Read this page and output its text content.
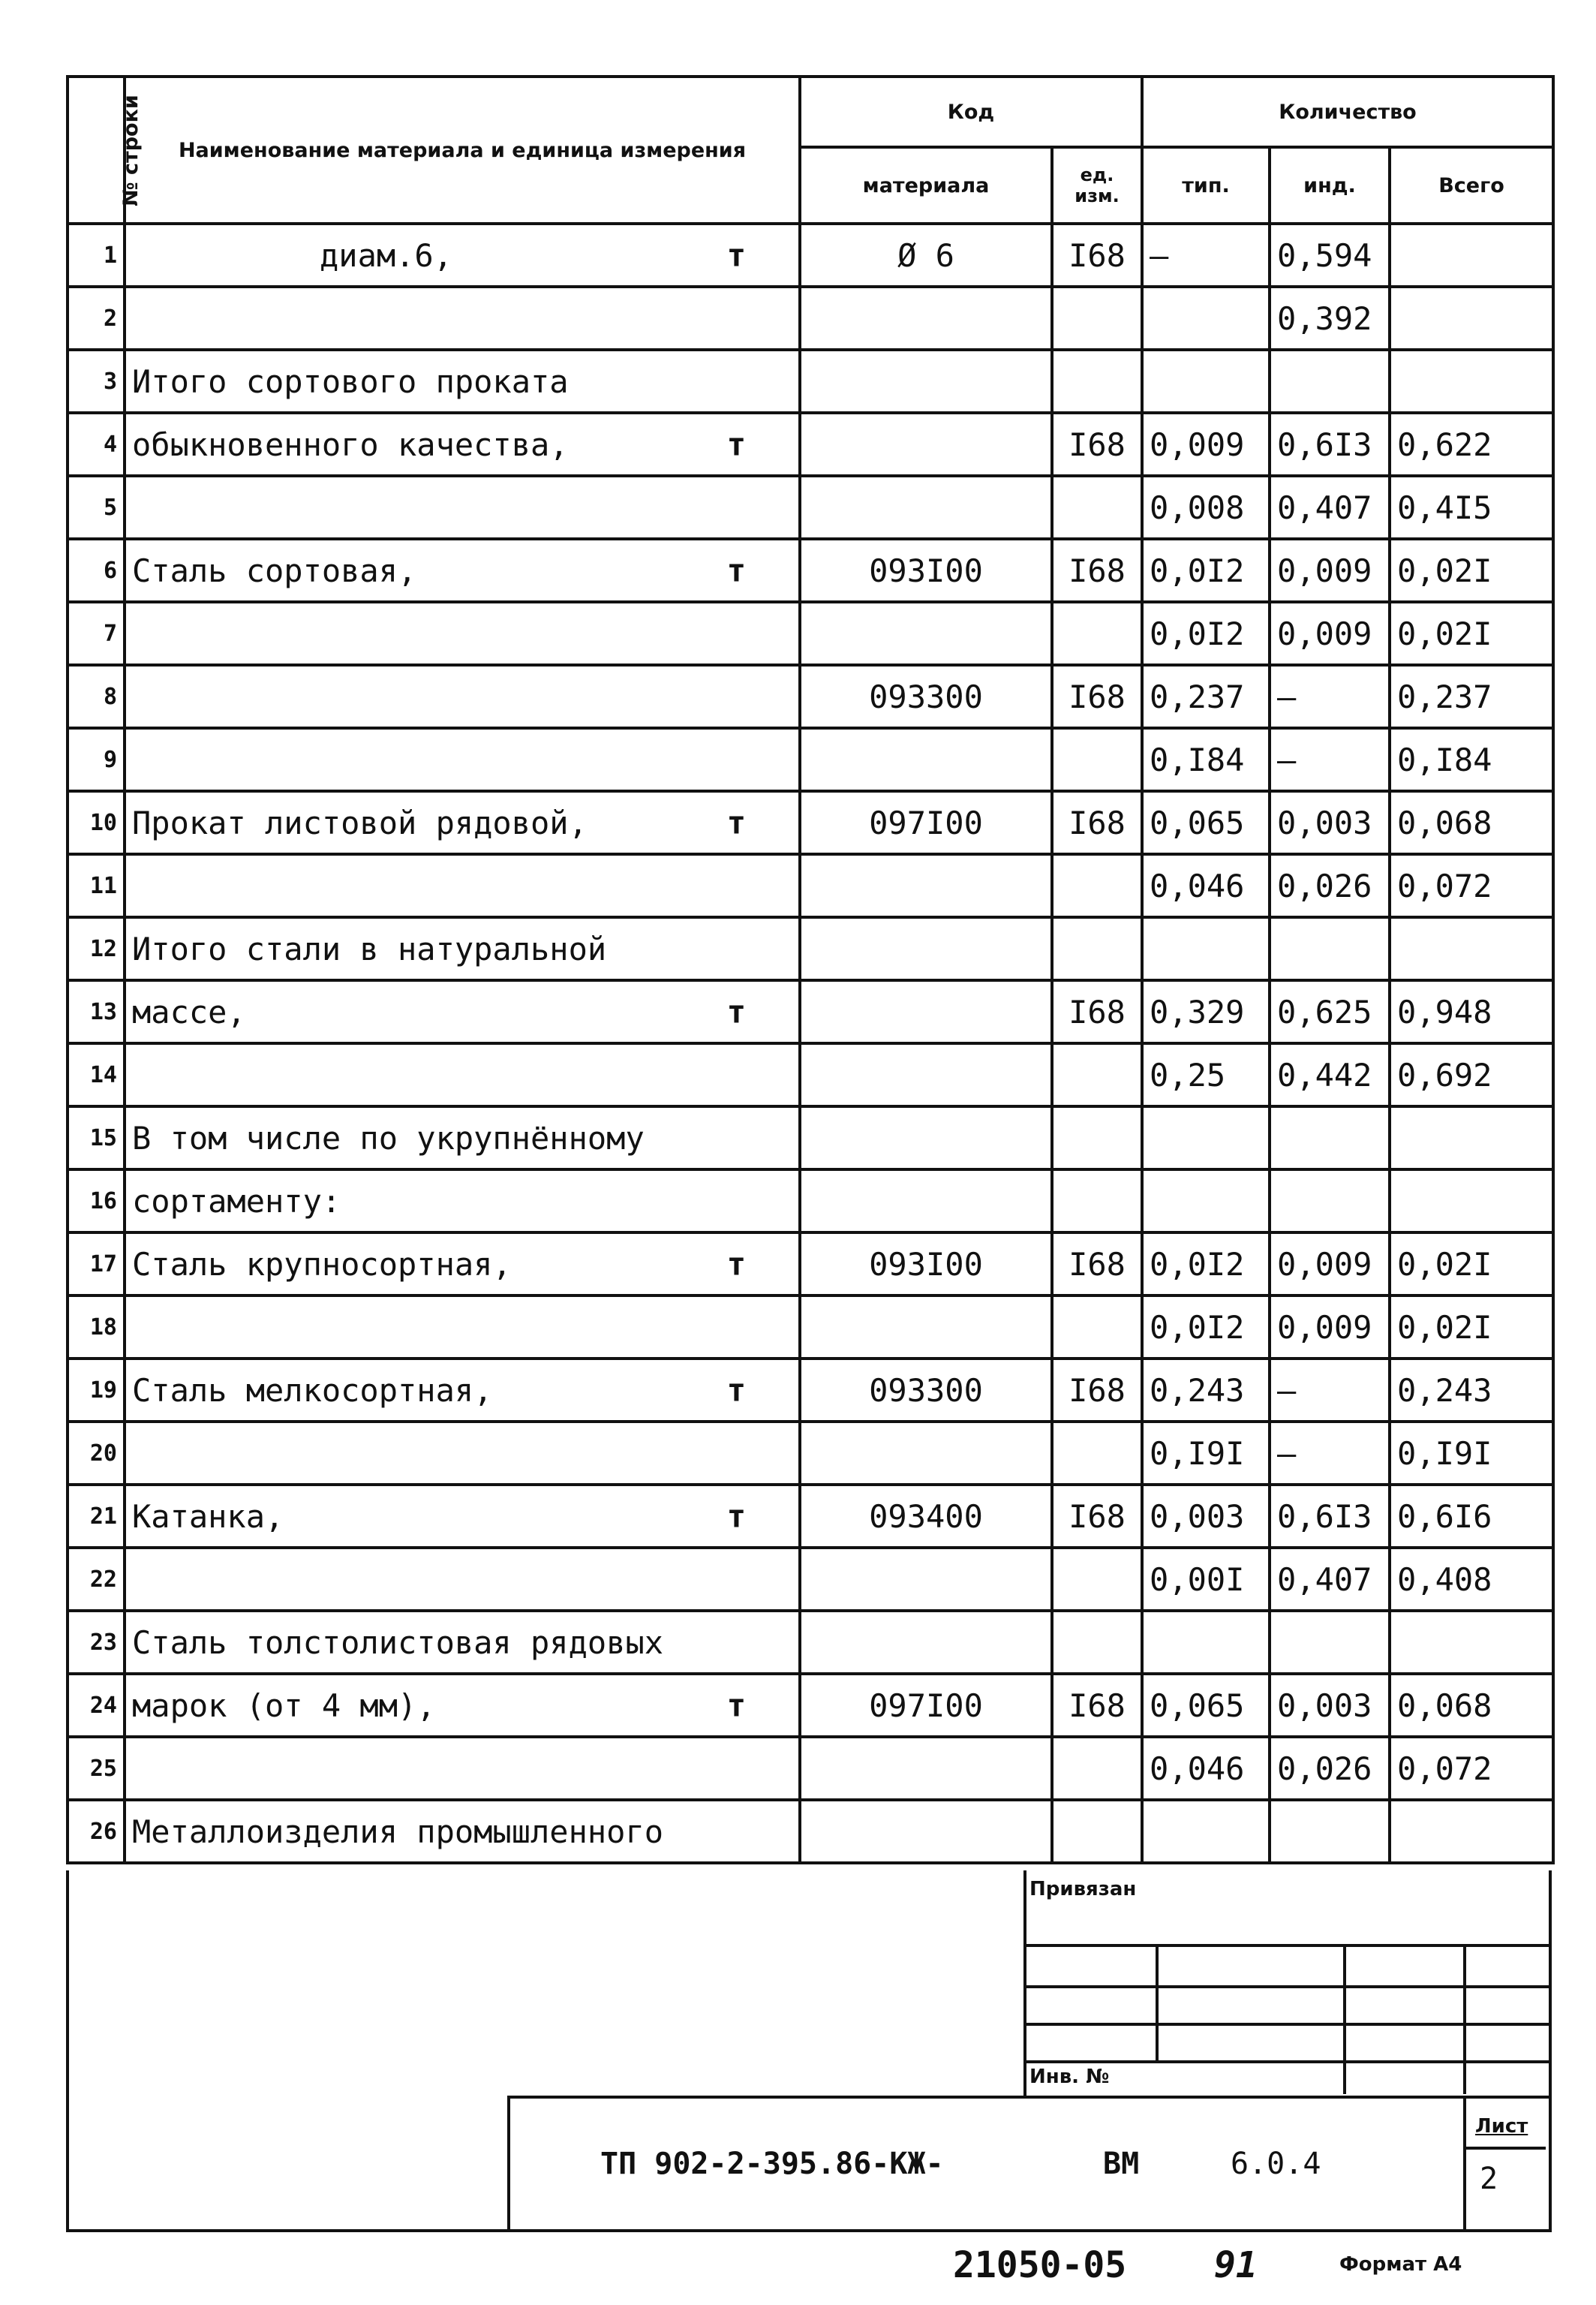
№ строки	Наименование материала и единица измерения	Код		Количество		
		материала	ед. изм.	тип.	инд.	Всего
1	диам.6, т	Ø 6	I68	–	0,594	
2					0,392	
3	Итого сортового проката

4	обыкновенного качества, т		I68	0,009	0,6I3	0,622
5				0,008	0,407	0,4I5
6	Сталь сортовая, т	093I00	I68	0,0I2	0,009	0,02I
7				0,0I2	0,009	0,02I
8		093300	I68	0,237	–	0,237
9				0,I84	–	0,I84
10	Прокат листовой рядовой, т	097I00	I68	0,065	0,003	0,068
11				0,046	0,026	0,072
12	Итого стали в натуральной

13	массе, т		I68	0,329	0,625	0,948
14				0,25	0,442	0,692
15	В том числе по укрупнённому

16	сортаменту:

17	Сталь крупносортная, т	093I00	I68	0,0I2	0,009	0,02I
18				0,0I2	0,009	0,02I
19	Сталь мелкосортная, т	093300	I68	0,243	–	0,243
20				0,I9I	–	0,I9I
21	Катанка, т	093400	I68	0,003	0,6I3	0,6I6
22				0,00I	0,407	0,408
23	Сталь толстолистовая рядовых

24	марок (от 4 мм), т	097I00	I68	0,065	0,003	0,068
25				0,046	0,026	0,072
26	Металлоизделия промышленного

Привязан
Инв. №
ТП 902-2-395.86-КЖ-	ВМ	6.0.4
Лист
2
21050-05 91	Формат А4
